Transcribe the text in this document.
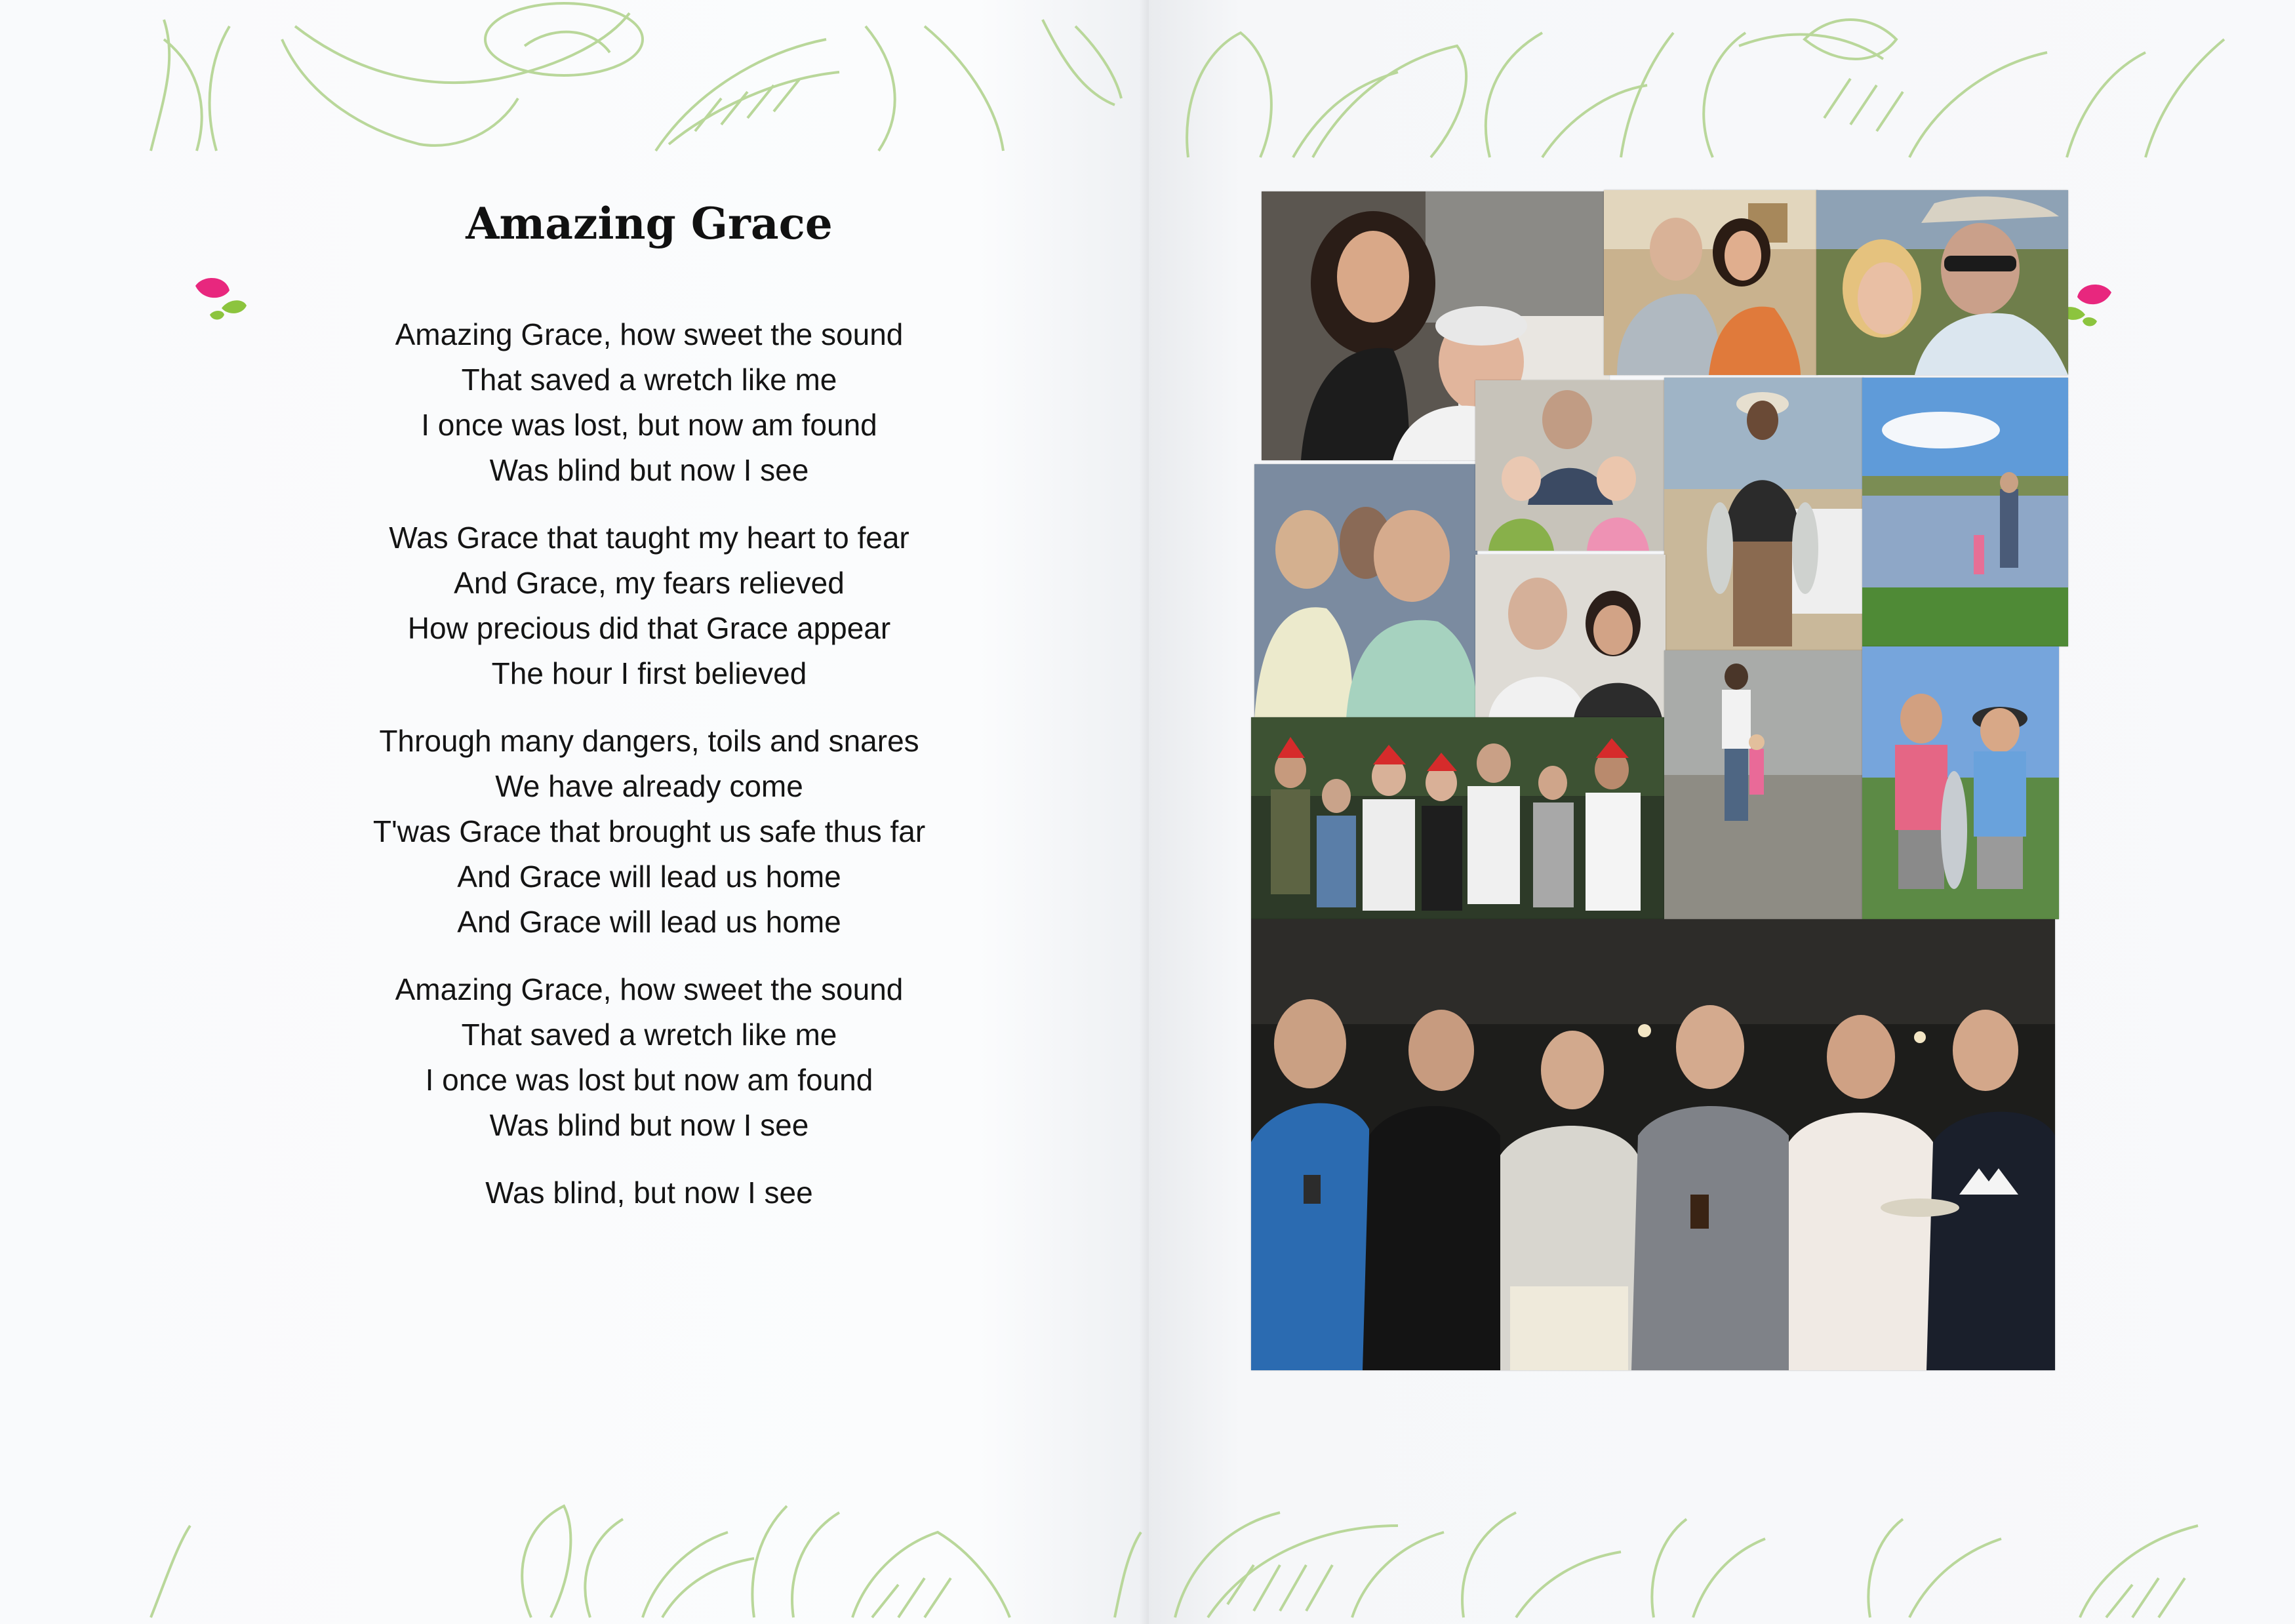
Amazing Grace
Amazing Grace, how sweet the sound
That saved a wretch like me
I once was lost, but now am found
Was blind but now I see
Was Grace that taught my heart to fear
And Grace, my fears relieved
How precious did that Grace appear
The hour I first believed
Through many dangers, toils and snares
We have already come
T'was Grace that brought us safe thus far
And Grace will lead us home
And Grace will lead us home
Amazing Grace, how sweet the sound
That saved a wretch like me
I once was lost but now am found
Was blind but now I see
Was blind, but now I see
